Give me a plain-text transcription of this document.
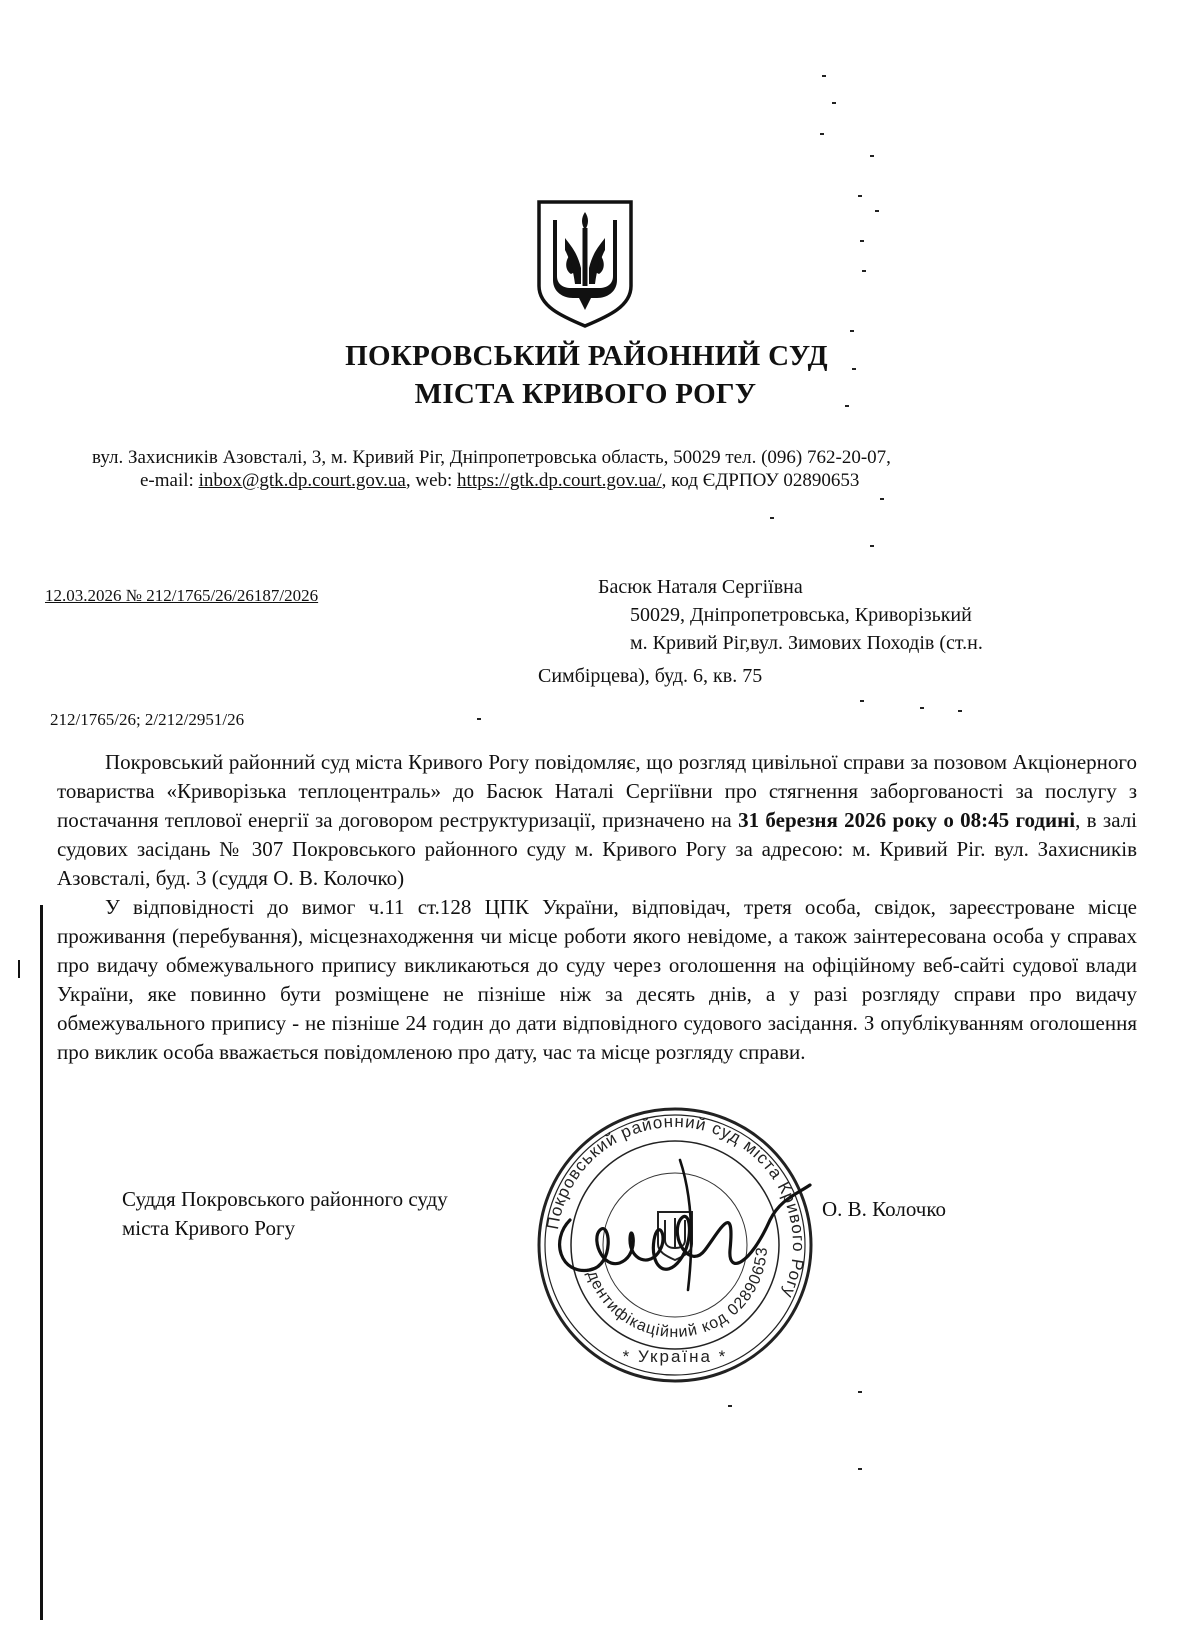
ПОКРОВСЬКИЙ РАЙОННИЙ СУД
МІСТА КРИВОГО РОГУ
вул. Захисників Азовсталі, 3, м. Кривий Ріг, Дніпропетровська область, 50029 тел. (096) 762-20-07,
e-mail: inbox@gtk.dp.court.gov.ua, web: https://gtk.dp.court.gov.ua/, код ЄДРПОУ 02890653
12.03.2026 № 212/1765/26/26187/2026	Басюк Наталя Сергіївна
50029, Дніпропетровська, Криворізький
м. Кривий Ріг,вул. Зимових Походів (ст.н.
Симбірцева), буд. 6, кв. 75
212/1765/26; 2/212/2951/26

Покровський районний суд міста Кривого Рогу повідомляє, що розгляд цивільної справи за позовом Акціонерного товариства «Криворізька теплоцентраль» до Басюк Наталі Сергіївни про стягнення заборгованості за послугу з постачання теплової енергії за договором реструктуризації, призначено на 31 березня 2026 року о 08:45 годині, в залі судових засідань № 307 Покровського районного суду м. Кривого Рогу за адресою: м. Кривий Ріг. вул. Захисників Азовсталі, буд. 3 (суддя О. В. Колочко)

У відповідності до вимог ч.11 ст.128 ЦПК України, відповідач, третя особа, свідок, зареєстроване місце проживання (перебування), місцезнаходження чи місце роботи якого невідоме, а також заінтересована особа у справах про видачу обмежувального припису викликаються до суду через оголошення на офіційному веб-сайті судової влади України, яке повинно бути розміщене не пізніше ніж за десять днів, а у разі розгляду справи про видачу обмежувального припису - не пізніше 24 годин до дати відповідного судового засідання. З опублікуванням оголошення про виклик особа вважається повідомленою про дату, час та місце розгляду справи.

Суддя Покровського районного суду
міста Кривого Рогу	Покровський районний суд міста Кривого Рогу
Ідентифікаційний код 02890653
* Україна *
О. В. Колочко
